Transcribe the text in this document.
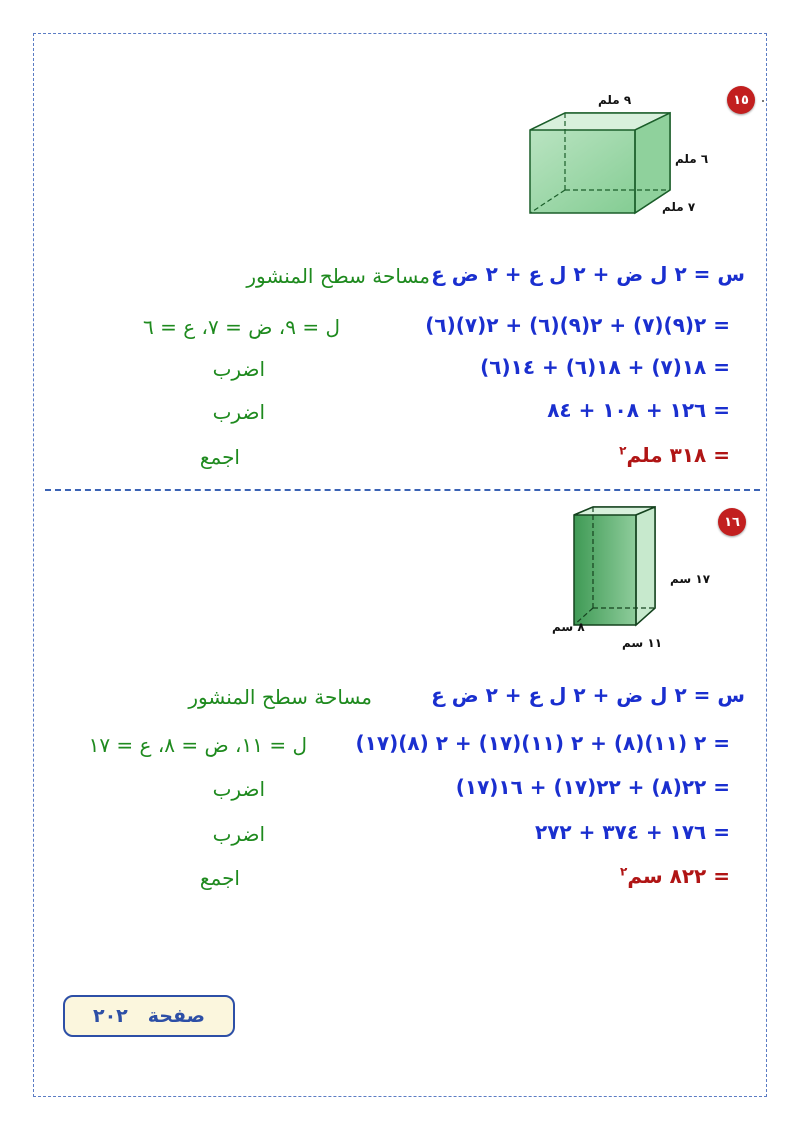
١٥
٩ ملم
٦ ملم
٧ ملم
س = ٢ ل ض + ٢ ل ع + ٢ ض ع
مساحة سطح المنشور
= ٢(٩)(٧) + ٢(٩)(٦) + ٢(٧)(٦)
ل = ٩، ض = ٧، ع = ٦
= ١٨(٧) + ١٨(٦) + ١٤(٦)
اضرب
= ١٢٦ + ١٠٨ + ٨٤
اضرب
= ٣١٨ ملم$^٢$
اجمع
١٦
١٧ سم
٨ سم
١١ سم
س = ٢ ل ض + ٢ ل ع + ٢ ض ع
مساحة سطح المنشور
= ٢ (١١)(٨) + ٢ (١١)(١٧) + ٢ (٨)(١٧)
ل = ١١، ض = ٨، ع = ١٧
= ٢٢(٨) + ٢٢(١٧) + ١٦(١٧)
اضرب
= ١٧٦ + ٣٧٤ + ٢٧٢
اضرب
= ٨٢٢ سم$^٢$
اجمع
صفحة
٢٠٢
